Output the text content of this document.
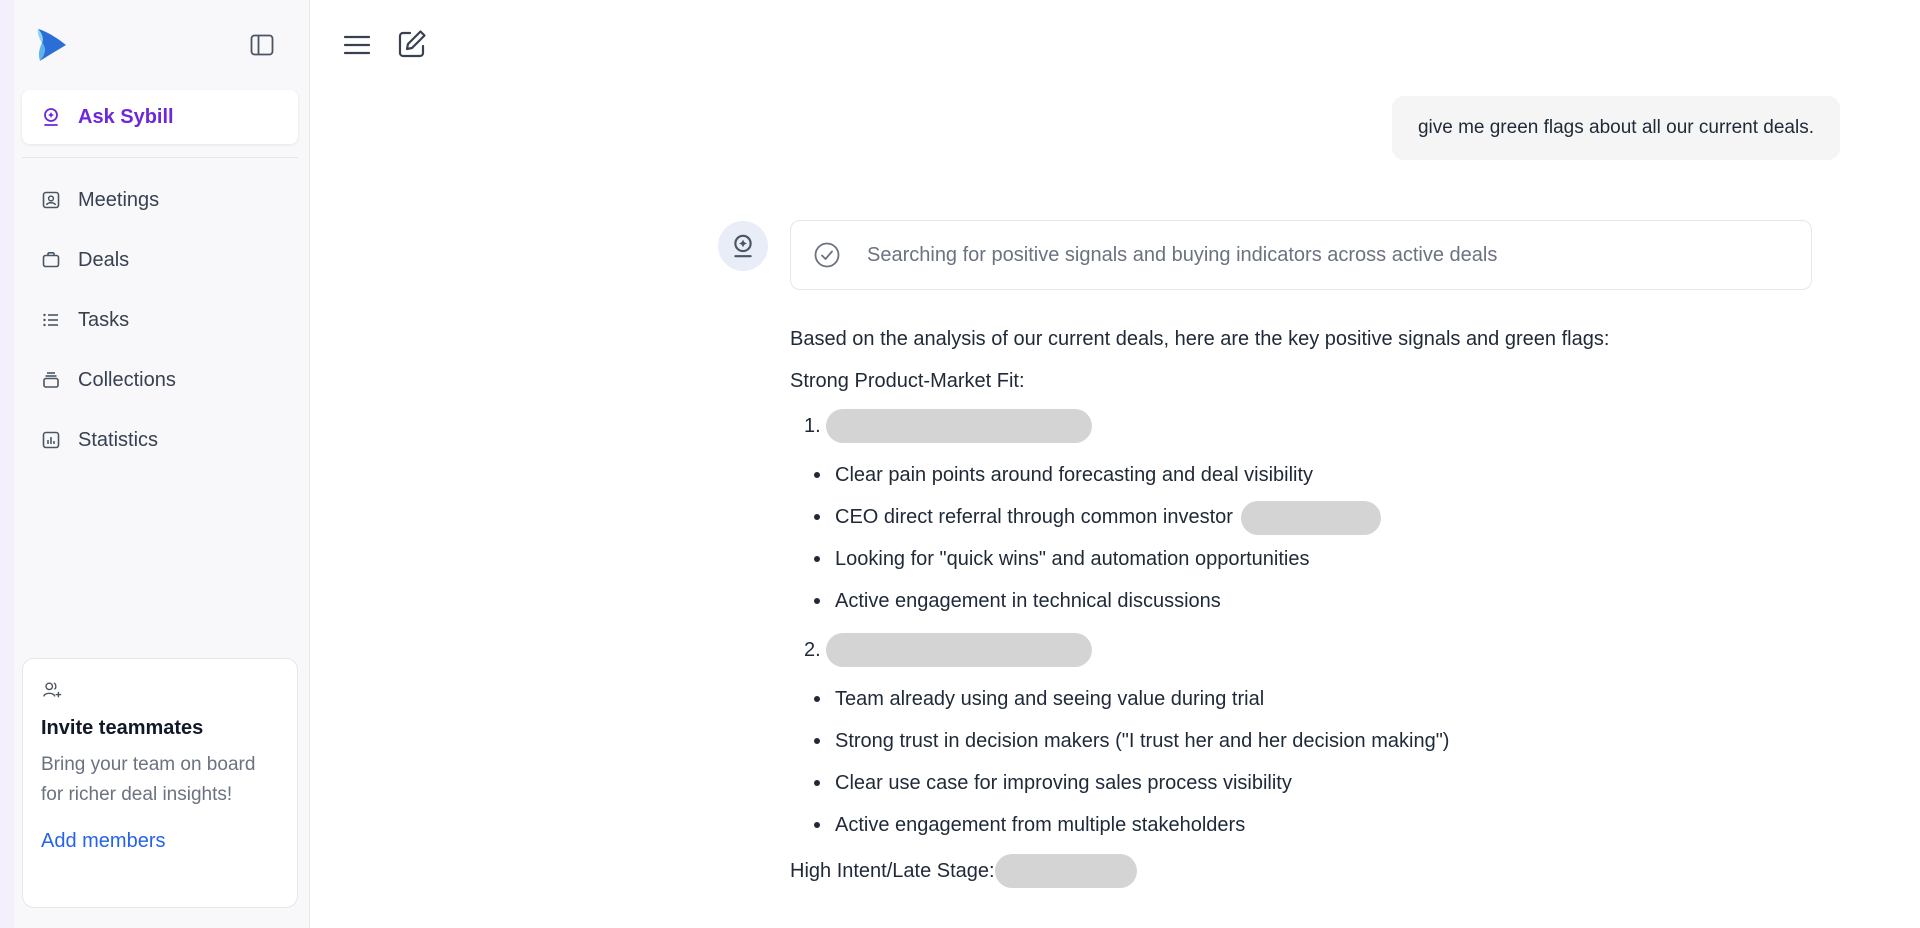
Ask Sybill
Meetings
Deals
Tasks
Collections
Statistics
Invite teammates
Bring your team on board for richer deal insights!
Add members
give me green flags about all our current deals.
Searching for positive signals and buying indicators across active deals

Based on the analysis of our current deals, here are the key positive signals and green flags:

Strong Product-Market Fit:

1.
Clear pain points around forecasting and deal visibility
CEO direct referral through common investor
Looking for "quick wins" and automation opportunities
Active engagement in technical discussions
2.
Team already using and seeing value during trial
Strong trust in decision makers ("I trust her and her decision making")
Clear use case for improving sales process visibility
Active engagement from multiple stakeholders
High Intent/Late Stage:
